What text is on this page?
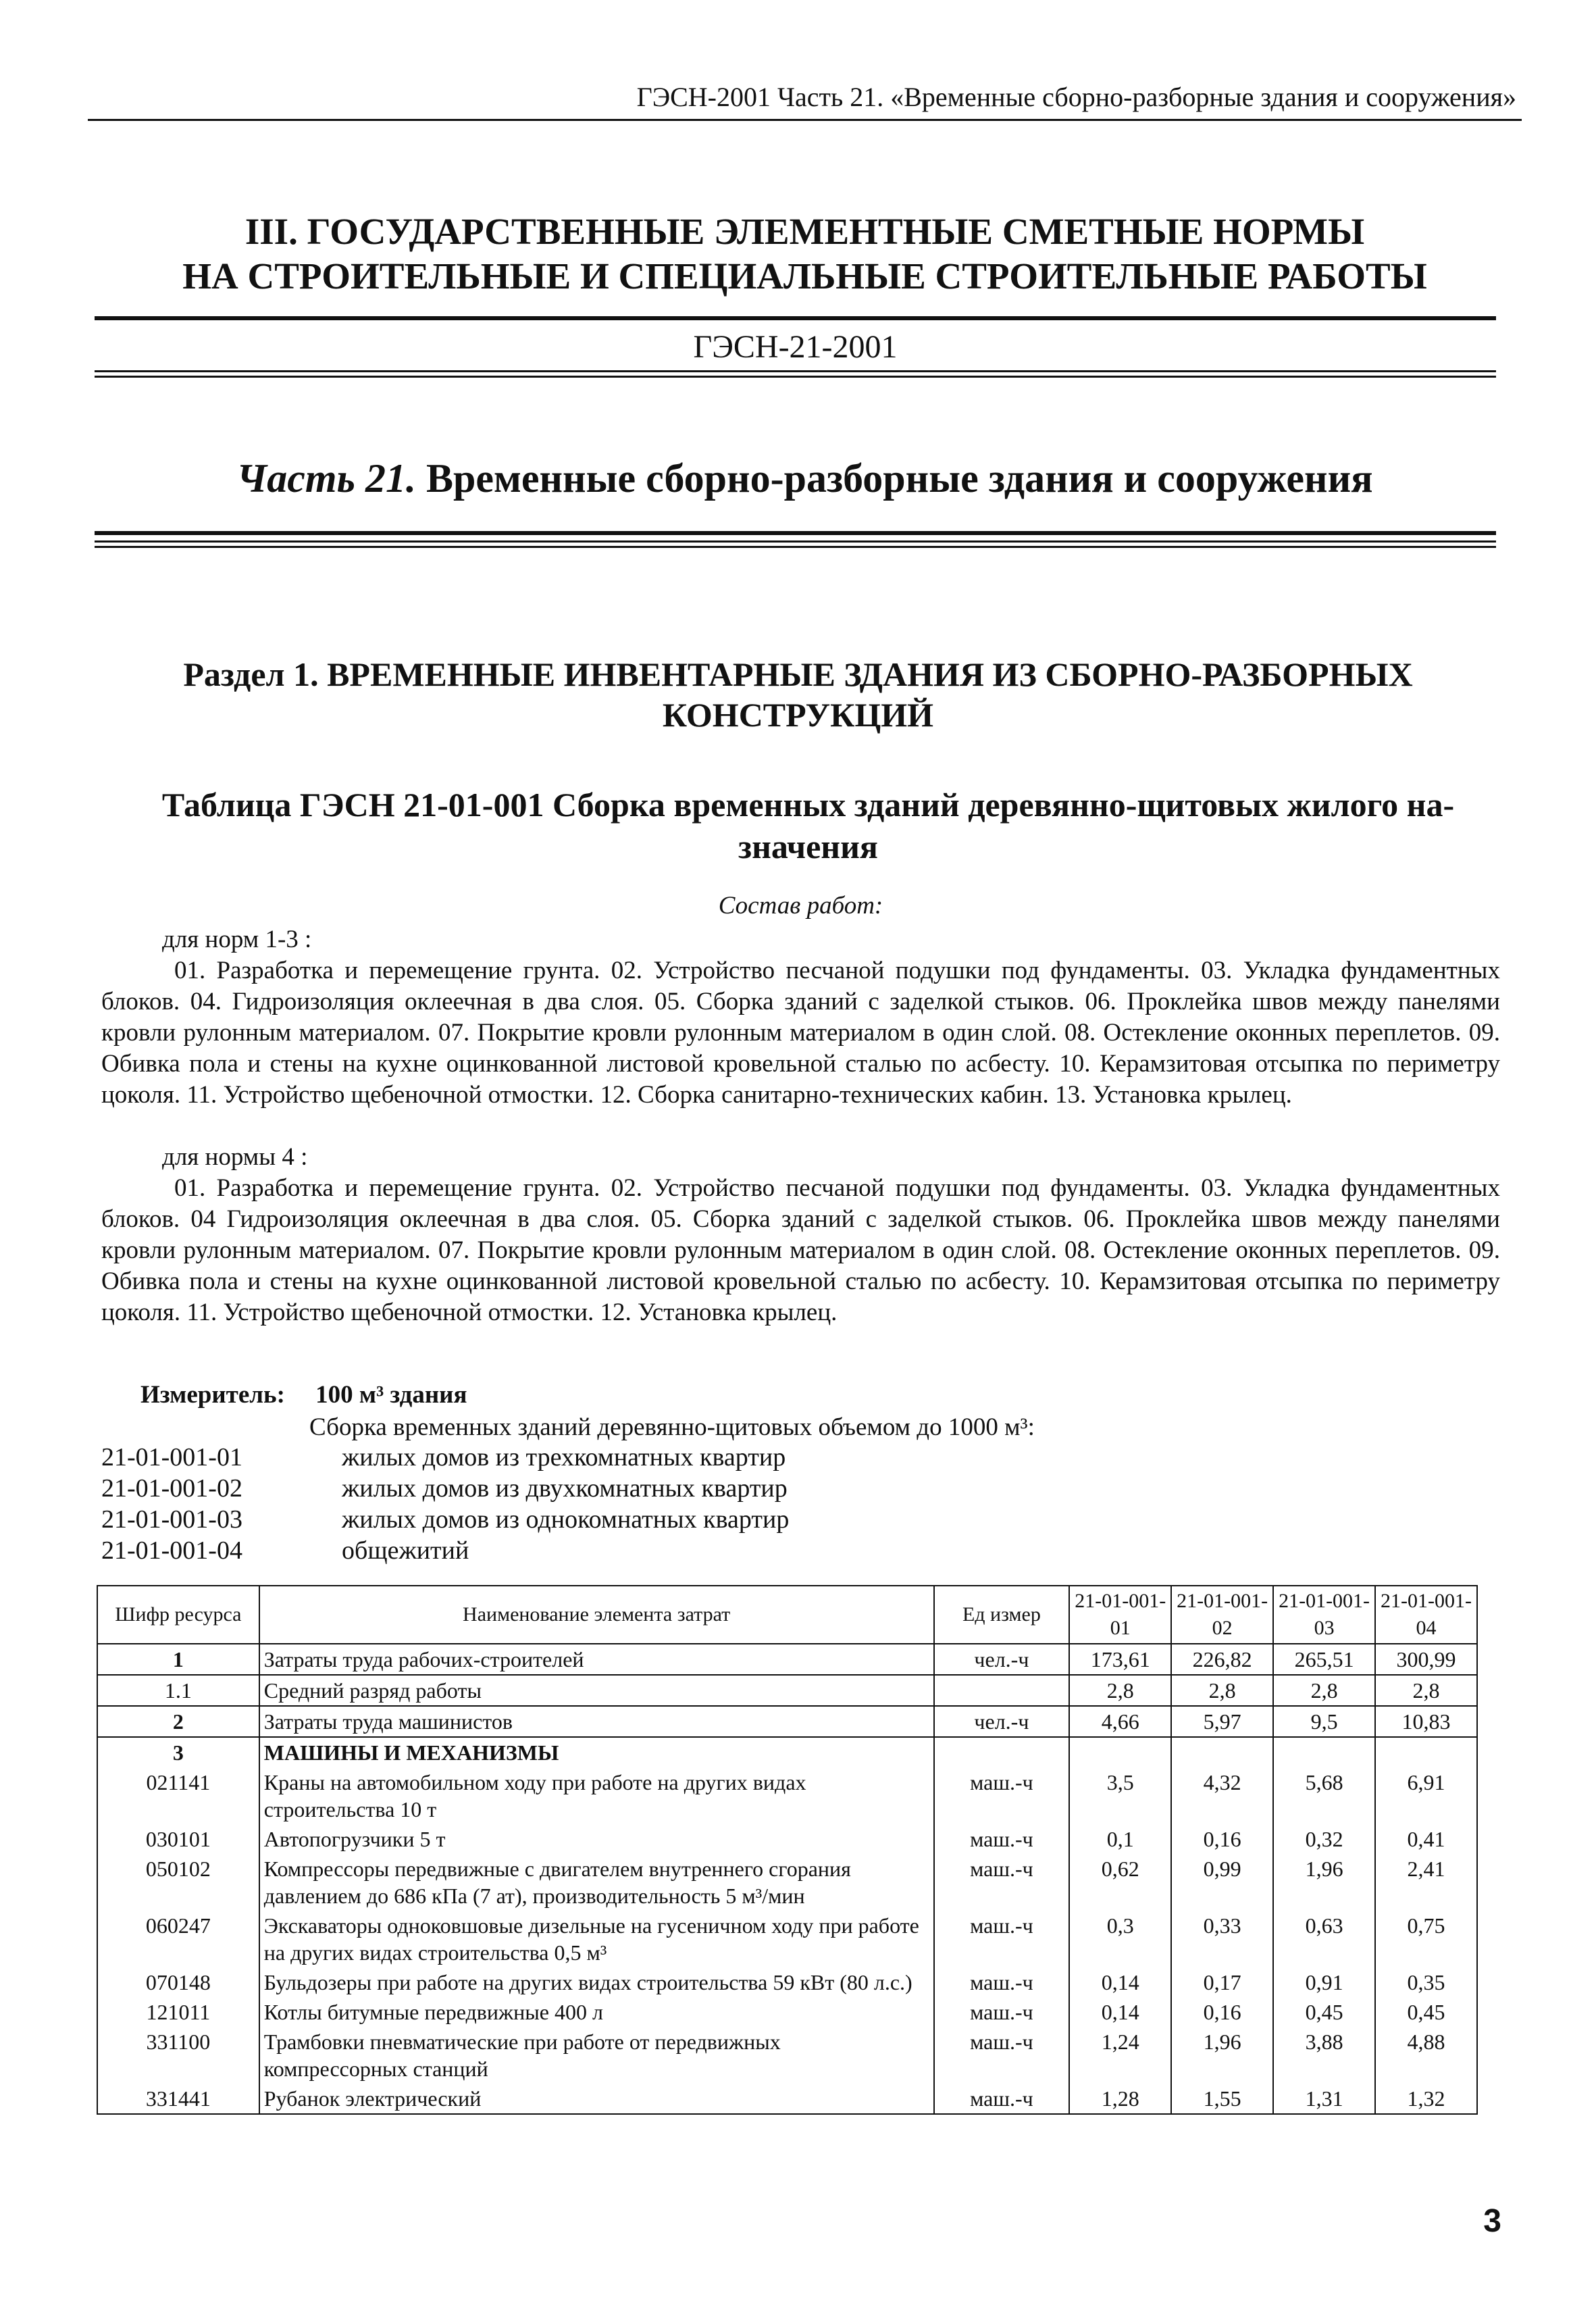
ГЭСН-2001 Часть 21. «Временные сборно-разборные здания и сооружения»
III. ГОСУДАРСТВЕННЫЕ ЭЛЕМЕНТНЫЕ СМЕТНЫЕ НОРМЫ
НА СТРОИТЕЛЬНЫЕ И СПЕЦИАЛЬНЫЕ СТРОИТЕЛЬНЫЕ РАБОТЫ
ГЭСН-21-2001
Часть 21. Временные сборно-разборные здания и сооружения
Раздел 1. ВРЕМЕННЫЕ ИНВЕНТАРНЫЕ ЗДАНИЯ ИЗ СБОРНО-РАЗБОРНЫХ
КОНСТРУКЦИЙ
Таблица ГЭСН 21-01-001 Сборка временных зданий деревянно-щитовых жилого на-
значения
Состав работ:
для норм 1-3 :
01. Разработка и перемещение грунта. 02. Устройство песчаной подушки под фундаменты. 03. Укладка фундаментных блоков. 04. Гидроизоляция оклеечная в два слоя. 05. Сборка зданий с заделкой стыков. 06. Проклейка швов между панелями кровли рулонным материалом. 07. Покрытие кровли рулонным материалом в один слой. 08. Остекление оконных переплетов. 09. Обивка пола и стены на кухне оцинкованной листовой кровельной сталью по асбесту. 10. Керамзитовая отсыпка по периметру цоколя. 11. Устройство щебеночной отмостки. 12. Сборка санитарно-технических кабин. 13. Установка крылец.
для нормы 4 :
01. Разработка и перемещение грунта. 02. Устройство песчаной подушки под фундаменты. 03. Укладка фундаментных блоков. 04 Гидроизоляция оклеечная в два слоя. 05. Сборка зданий с заделкой стыков. 06. Проклейка швов между панелями кровли рулонным материалом. 07. Покрытие кровли рулонным материалом в один слой. 08. Остекление оконных переплетов. 09. Обивка пола и стены на кухне оцинкованной листовой кровельной сталью по асбесту. 10. Керамзитовая отсыпка по периметру цоколя. 11. Устройство щебеночной отмостки. 12. Установка крылец.
Измеритель: 100 м³ здания
Сборка временных зданий деревянно-щитовых объемом до 1000 м³:
21-01-001-01	жилых домов из трехкомнатных квартир
21-01-001-02	жилых домов из двухкомнатных квартир
21-01-001-03	жилых домов из однокомнатных квартир
21-01-001-04	общежитий
Шифр ресурса	Наименование элемента затрат	Ед измер	21-01-001-01	21-01-001-02	21-01-001-03	21-01-001-04
1	Затраты труда рабочих-строителей	чел.-ч	173,61	226,82	265,51	300,99
1.1	Средний разряд работы		2,8	2,8	2,8	2,8
2	Затраты труда машинистов	чел.-ч	4,66	5,97	9,5	10,83
3	МАШИНЫ И МЕХАНИЗМЫ					
021141	Краны на автомобильном ходу при работе на других видах строительства 10 т	маш.-ч	3,5	4,32	5,68	6,91
030101	Автопогрузчики 5 т	маш.-ч	0,1	0,16	0,32	0,41
050102	Компрессоры передвижные с двигателем внутреннего сгорания давлением до 686 кПа (7 ат), производительность 5 м³/мин	маш.-ч	0,62	0,99	1,96	2,41
060247	Экскаваторы одноковшовые дизельные на гусеничном ходу при работе на других видах строительства 0,5 м³	маш.-ч	0,3	0,33	0,63	0,75
070148	Бульдозеры при работе на других видах строительства 59 кВт (80 л.с.)	маш.-ч	0,14	0,17	0,91	0,35
121011	Котлы битумные передвижные 400 л	маш.-ч	0,14	0,16	0,45	0,45
331100	Трамбовки пневматические при работе от передвижных компрессорных станций	маш.-ч	1,24	1,96	3,88	4,88
331441	Рубанок электрический	маш.-ч	1,28	1,55	1,31	1,32
3
